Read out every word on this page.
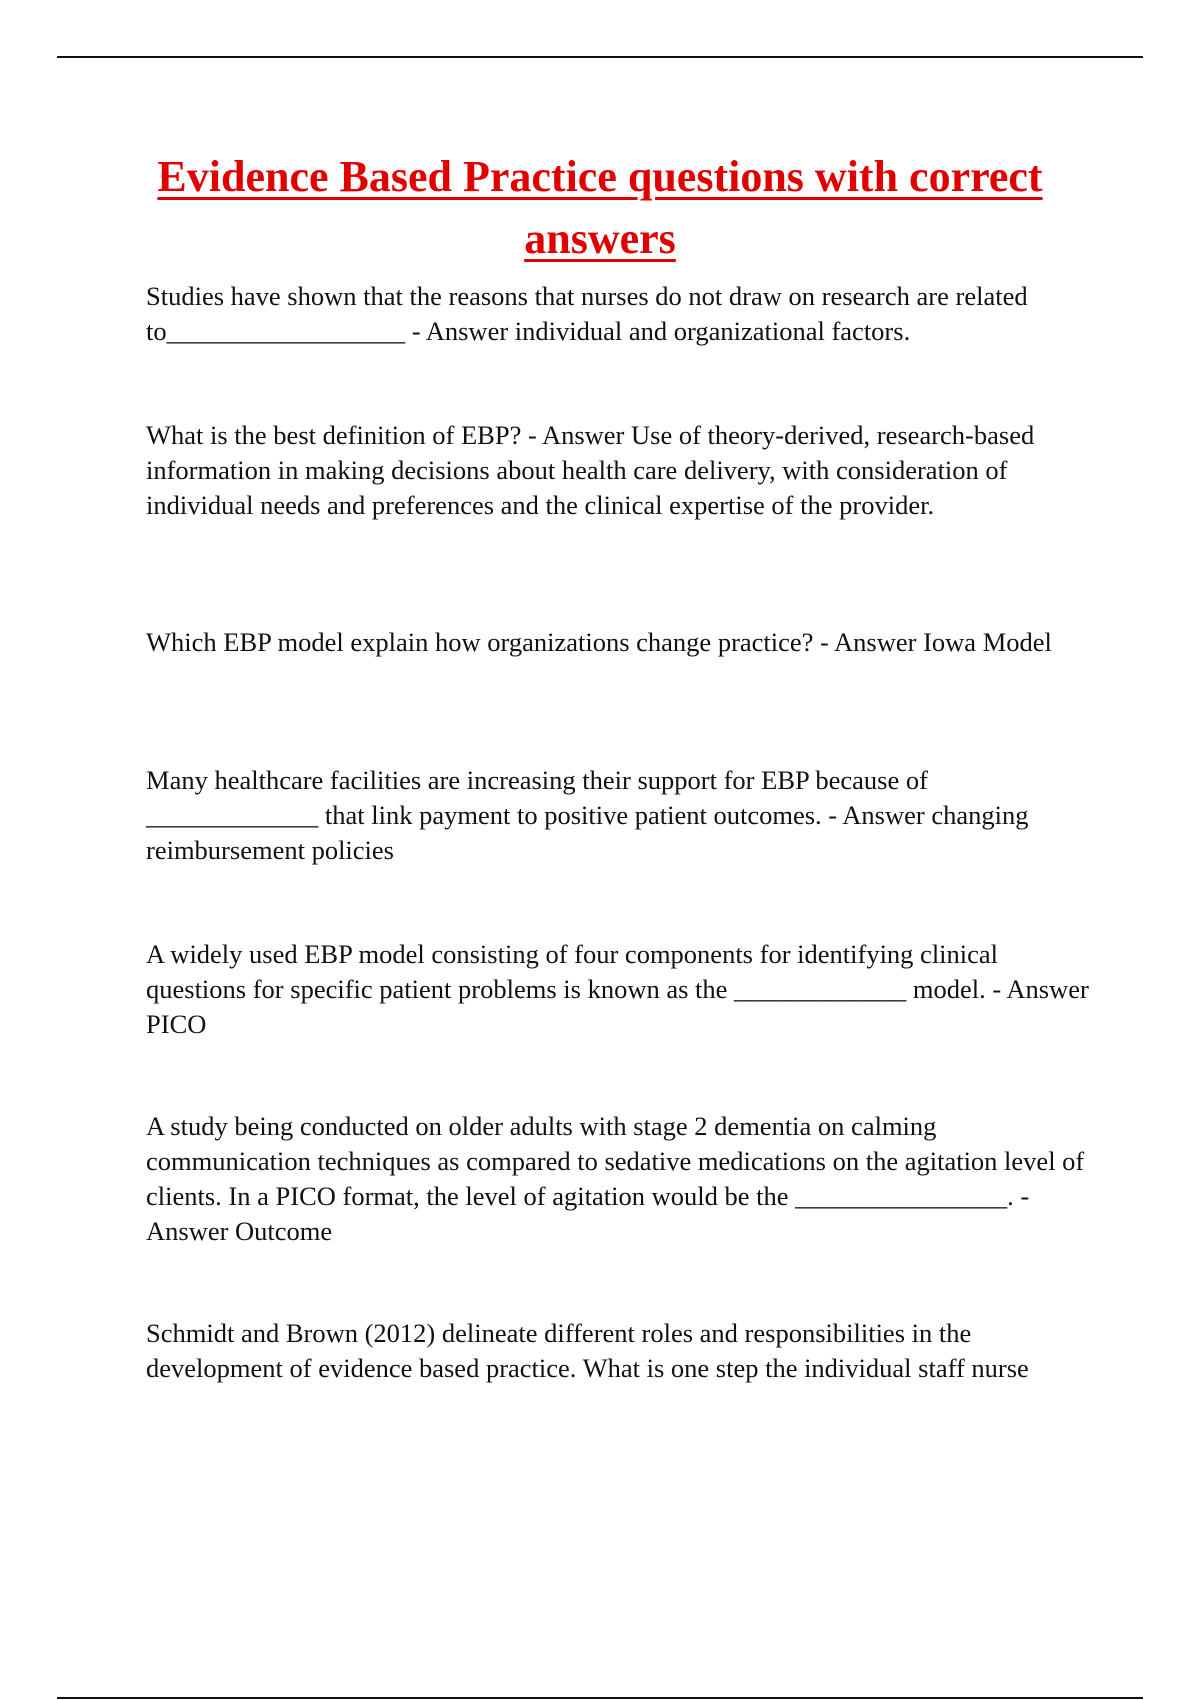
Evidence Based Practice questions with correct answers

Studies have shown that the reasons that nurses do not draw on research are related to__________________ - Answer individual and organizational factors.

What is the best definition of EBP? - Answer Use of theory-derived, research-based information in making decisions about health care delivery, with consideration of individual needs and preferences and the clinical expertise of the provider.

Which EBP model explain how organizations change practice? - Answer Iowa Model

Many healthcare facilities are increasing their support for EBP because of _____________ that link payment to positive patient outcomes. - Answer changing reimbursement policies

A widely used EBP model consisting of four components for identifying clinical questions for specific patient problems is known as the _____________ model. - Answer PICO

A study being conducted on older adults with stage 2 dementia on calming communication techniques as compared to sedative medications on the agitation level of clients. In a PICO format, the level of agitation would be the ________________. - Answer Outcome

Schmidt and Brown (2012) delineate different roles and responsibilities in the development of evidence based practice. What is one step the individual staff nurse
